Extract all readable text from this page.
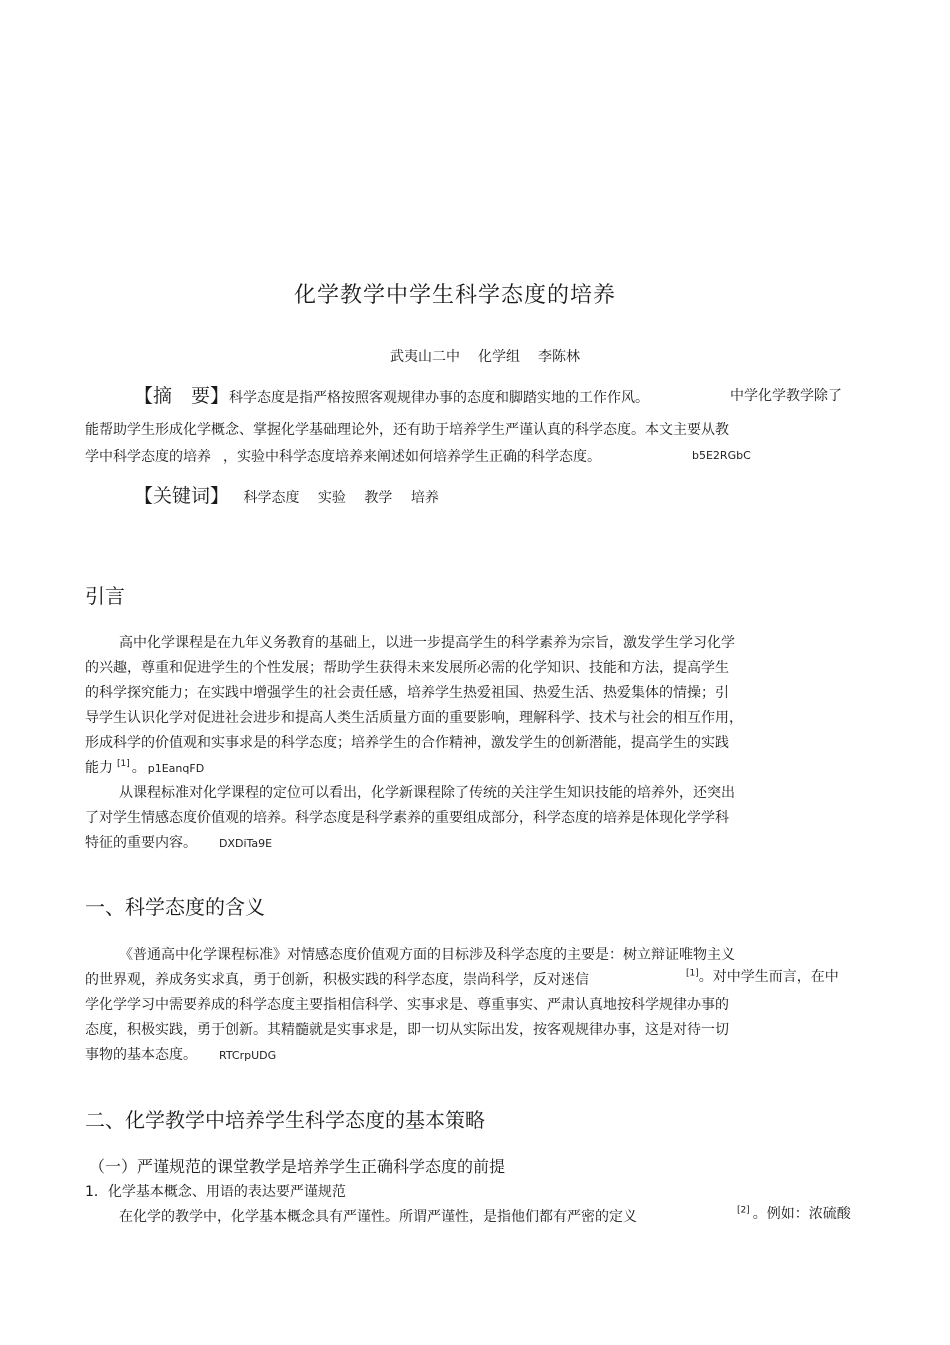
化学教学中学生科学态度的培养
武夷山二中 化学组 李陈林
【摘　要】科学态度是指严格按照客观规律办事的态度和脚踏实地的工作作风。	中学化学教学除了
能帮助学生形成化学概念、掌握化学基础理论外，还有助于培养学生严谨认真的科学态度。本文主要从教
学中科学态度的培养 ，实验中科学态度培养来阐述如何培养学生正确的科学态度。	b5E2RGbC
【关键词】 科学态度 实验 教学 培养
引言
高中化学课程是在九年义务教育的基础上，以进一步提高学生的科学素养为宗旨，激发学生学习化学
的兴趣，尊重和促进学生的个性发展；帮助学生获得未来发展所必需的化学知识、技能和方法，提高学生
的科学探究能力；在实践中增强学生的社会责任感，培养学生热爱祖国、热爱生活、热爱集体的情操；引
导学生认识化学对促进社会进步和提高人类生活质量方面的重要影响，理解科学、技术与社会的相互作用，
形成科学的价值观和实事求是的科学态度；培养学生的合作精神，激发学生的创新潜能，提高学生的实践
能力 [1] 。 p1EanqFD
从课程标准对化学课程的定位可以看出，化学新课程除了传统的关注学生知识技能的培养外，还突出
了对学生情感态度价值观的培养。科学态度是科学素养的重要组成部分，科学态度的培养是体现化学学科
特征的重要内容。 DXDiTa9E
一、科学态度的含义
《普通高中化学课程标准》对情感态度价值观方面的目标涉及科学态度的主要是：树立辩证唯物主义
的世界观，养成务实求真，勇于创新，积极实践的科学态度，崇尚科学，反对迷信	[1]。对中学生而言，在中
学化学学习中需要养成的科学态度主要指相信科学、实事求是、尊重事实、严肃认真地按科学规律办事的
态度，积极实践，勇于创新。其精髓就是实事求是，即一切从实际出发，按客观规律办事，这是对待一切
事物的基本态度。 RTCrpUDG
二、化学教学中培养学生科学态度的基本策略
（一）严谨规范的课堂教学是培养学生正确科学态度的前提
1．化学基本概念、用语的表达要严谨规范
在化学的教学中，化学基本概念具有严谨性。所谓严谨性，是指他们都有严密的定义	[2] 。例如：浓硫酸
